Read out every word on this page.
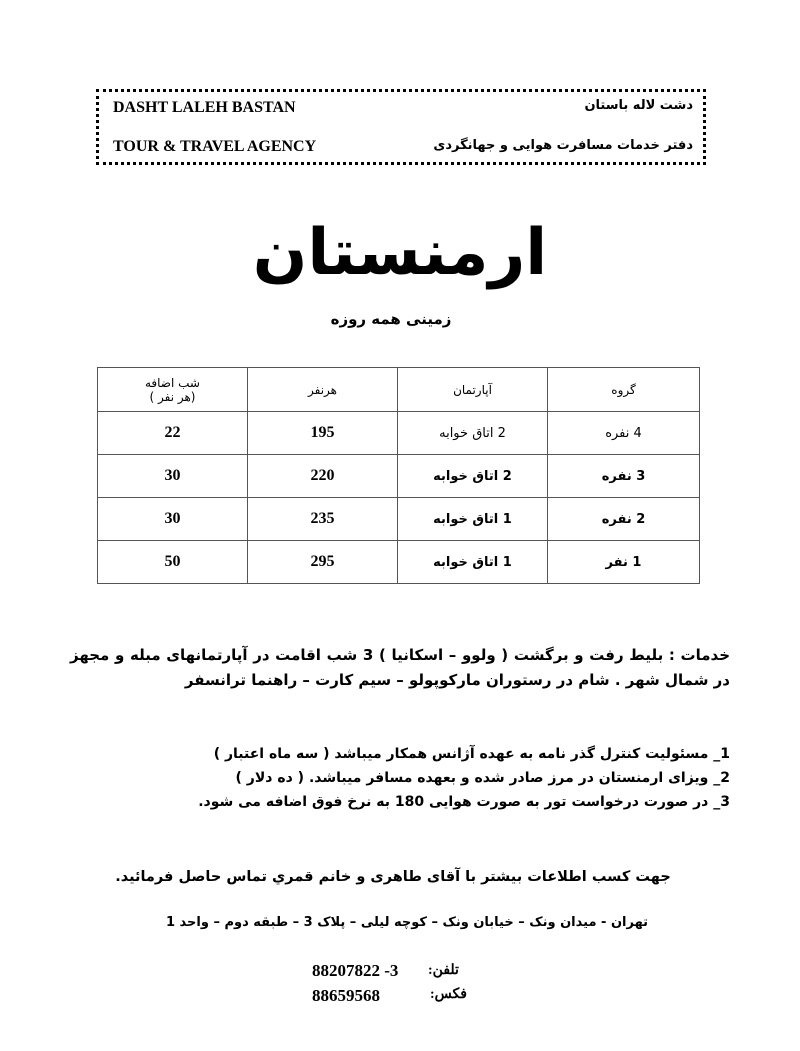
DASHT LALEH BASTAN
TOUR & TRAVEL AGENCY
دشت لاله باستان
دفتر خدمات مسافرت هوایی و جهانگردی
ارمنستان
زمینی همه روزه
گروه	آپارتمان	هرنفر	شب اضافه
(هر نفر )

4 نفره	2 اتاق خوابه	195	22
3 نفره	2 اتاق خوابه	220	30
2 نفره	1 اتاق خوابه	235	30
1 نفر	1 اتاق خوابه	295	50
خدمات : بلیط رفت و برگشت ( ولوو – اسکانیا ) 3 شب اقامت در آپارتمانهای مبله و مجهز در شمال شهر . شام در رستوران مارکوپولو – سیم کارت – راهنما ترانسفر
1_ مسئولیت کنترل گذر نامه به عهده آژانس همکار میباشد ( سه ماه اعتبار )
2_ ویزای ارمنستان در مرز صادر شده و بعهده مسافر میباشد. ( ده دلار )
3_ در صورت درخواست تور به صورت هوایی 180 به نرخ فوق اضافه می شود.
جهت کسب اطلاعات بیشتر با آقای طاهری و خانم قمري تماس حاصل فرمائید.
تهران - میدان ونک – خیابان ونک – کوچه لیلی – پلاک 3 – طبقه دوم – واحد 1
تلفن:
88207822 -3
فکس:
88659568
